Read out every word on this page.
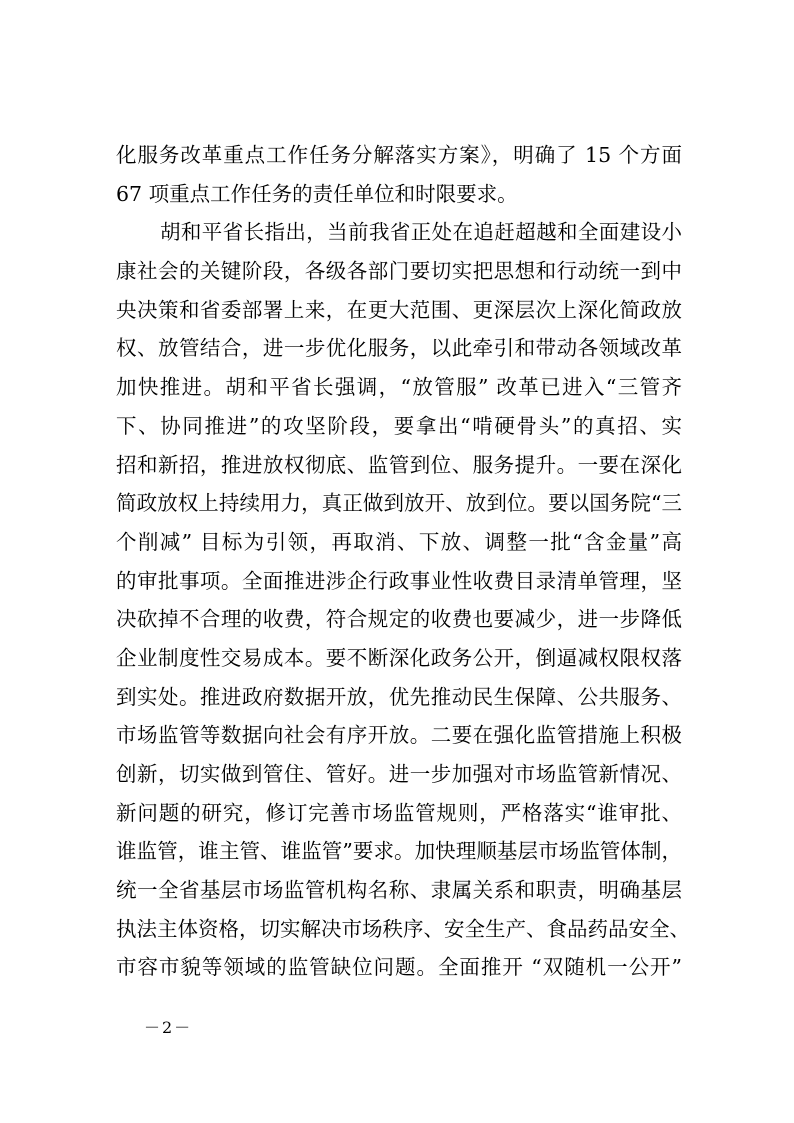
化服务改革重点工作任务分解落实方案》，明确了 15 个方面
67 项重点工作任务的责任单位和时限要求。
胡和平省长指出，当前我省正处在追赶超越和全面建设小
康社会的关键阶段，各级各部门要切实把思想和行动统一到中
央决策和省委部署上来，在更大范围、更深层次上深化简政放
权、放管结合，进一步优化服务，以此牵引和带动各领域改革
加快推进。胡和平省长强调，“放管服” 改革已进入“三管齐
下、协同推进”的攻坚阶段，要拿出“啃硬骨头”的真招、实
招和新招，推进放权彻底、监管到位、服务提升。一要在深化
简政放权上持续用力，真正做到放开、放到位。要以国务院“三
个削减” 目标为引领，再取消、下放、调整一批“含金量”高
的审批事项。全面推进涉企行政事业性收费目录清单管理，坚
决砍掉不合理的收费，符合规定的收费也要减少，进一步降低
企业制度性交易成本。要不断深化政务公开，倒逼减权限权落
到实处。推进政府数据开放，优先推动民生保障、公共服务、
市场监管等数据向社会有序开放。二要在强化监管措施上积极
创新，切实做到管住、管好。进一步加强对市场监管新情况、
新问题的研究，修订完善市场监管规则，严格落实“谁审批、
谁监管，谁主管、谁监管”要求。加快理顺基层市场监管体制，
统一全省基层市场监管机构名称、隶属关系和职责，明确基层
执法主体资格，切实解决市场秩序、安全生产、食品药品安全、
市容市貌等领域的监管缺位问题。全面推开 “双随机一公开”
－2－
